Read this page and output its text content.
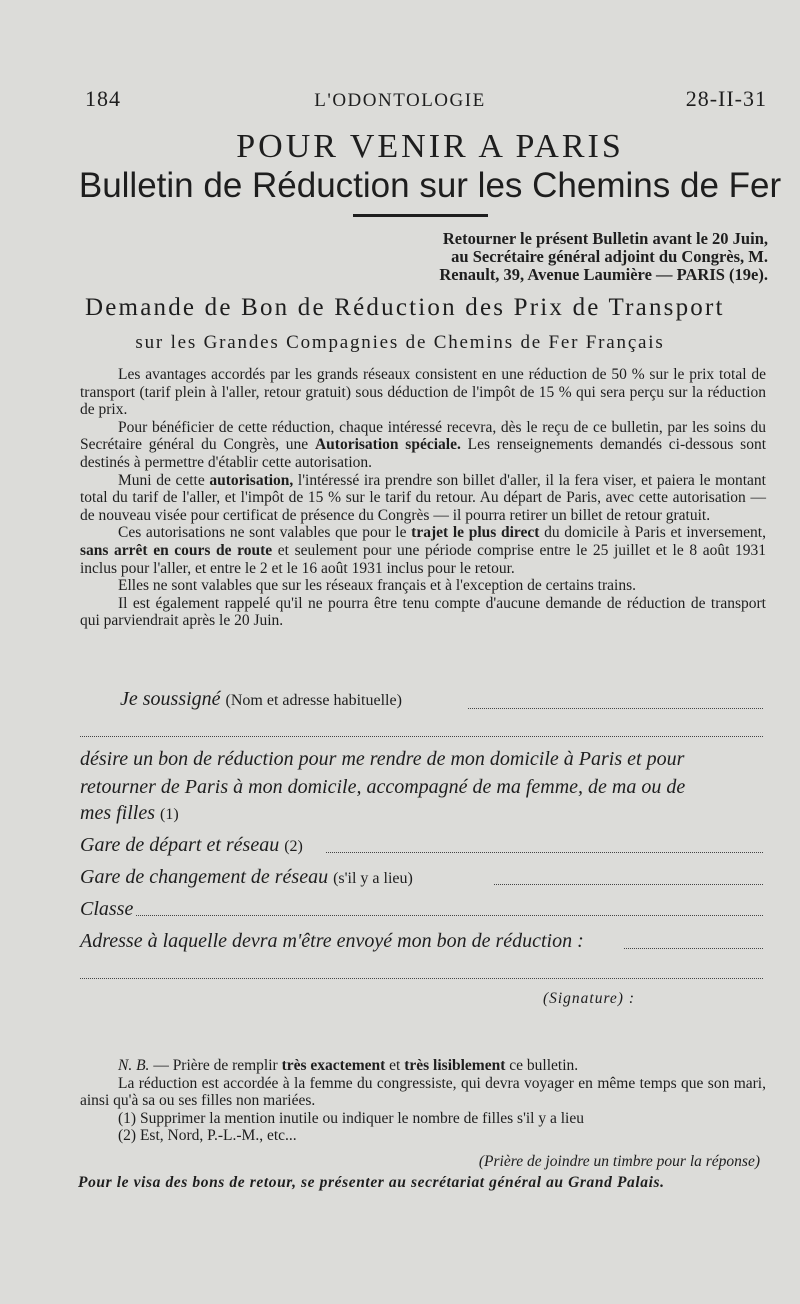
184	L'ODONTOLOGIE	28-II-31
POUR VENIR A PARIS
Bulletin de Réduction sur les Chemins de Fer
Retourner le présent Bulletin avant le 20 Juin,
au Secrétaire général adjoint du Congrès, M.
Renault, 39, Avenue Laumière — PARIS (19e).
Demande de Bon de Réduction des Prix de Transport
sur les Grandes Compagnies de Chemins de Fer Français

Les avantages accordés par les grands réseaux consistent en une réduction de 50 % sur le prix total de transport (tarif plein à l'aller, retour gratuit) sous déduction de l'impôt de 15 % qui sera perçu sur la réduction de prix.

Pour bénéficier de cette réduction, chaque intéressé recevra, dès le reçu de ce bulletin, par les soins du Secrétaire général du Congrès, une Autorisation spéciale. Les renseignements demandés ci-dessous sont destinés à permettre d'établir cette autorisation.

Muni de cette autorisation, l'intéressé ira prendre son billet d'aller, il la fera viser, et paiera le montant total du tarif de l'aller, et l'impôt de 15 % sur le tarif du retour. Au départ de Paris, avec cette autorisation — de nouveau visée pour certificat de présence du Congrès — il pourra retirer un billet de retour gratuit.

Ces autorisations ne sont valables que pour le trajet le plus direct du domicile à Paris et inversement, sans arrêt en cours de route et seulement pour une période comprise entre le 25 juillet et le 8 août 1931 inclus pour l'aller, et entre le 2 et le 16 août 1931 inclus pour le retour.

Elles ne sont valables que sur les réseaux français et à l'exception de certains trains.

Il est également rappelé qu'il ne pourra être tenu compte d'aucune demande de réduction de transport qui parviendrait après le 20 Juin.

Je soussigné (Nom et adresse habituelle)
désire un bon de réduction pour me rendre de mon domicile à Paris et pour
retourner de Paris à mon domicile, accompagné de ma femme, de ma ou de
mes filles (1)
Gare de départ et réseau (2)
Gare de changement de réseau (s'il y a lieu)
Classe
Adresse à laquelle devra m'être envoyé mon bon de réduction :
(Signature) :

N. B. — Prière de remplir très exactement et très lisiblement ce bulletin.

La réduction est accordée à la femme du congressiste, qui devra voyager en même temps que son mari, ainsi qu'à sa ou ses filles non mariées.

(1) Supprimer la mention inutile ou indiquer le nombre de filles s'il y a lieu

(2) Est, Nord, P.-L.-M., etc...

(Prière de joindre un timbre pour la réponse)
Pour le visa des bons de retour, se présenter au secrétariat général au Grand Palais.
